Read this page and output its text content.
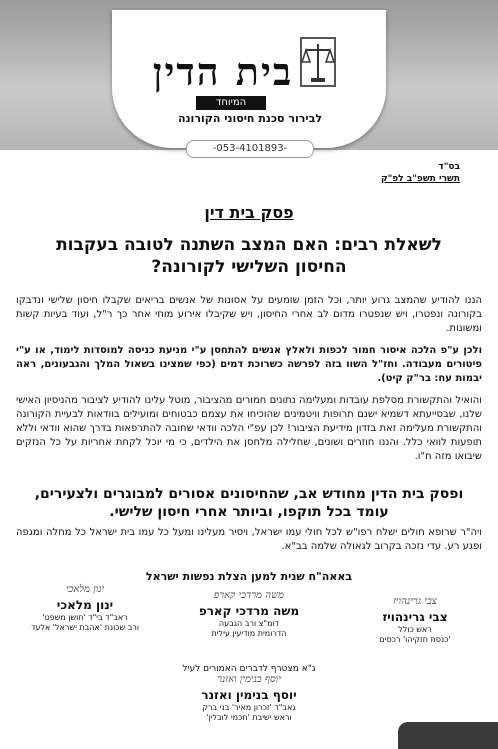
בית הדין
המיוחד
לבירור סכנת חיסוני הקורונה
-053-4101893-
בס"ד
תשרי תשפ"ב לפ"ק
פסק בית דין
לשאלת רבים: האם המצב השתנה לטובה בעקבות החיסון השלישי לקורונה?
הננו להודיע שהמצב גרוע יותר, וכל הזמן שומעים על אסונות של אנשים בריאים שקבלו חיסון שלישי ונדבקו בקורונה ונפטרו, ויש שנפטרו מדום לב אחרי החיסון, ויש שקיבלו אירוע מוחי אחר כך ר"ל, ועוד בעיות קשות ומשונות.
ולכן ע"פ הלכה איסור חמור לכפות ולאלץ אנשים להתחסן ע"י מניעת כניסה למוסדות לימוד, או ע"י פיטורים מעבודה. וחז"ל השוו בזה לפרשה כשרוכת דמים (כפי שמצינו בשאול המלך והגבעונים, ראה יבמות עח: בר"ק קיט).
והואיל והתקשורת מסלפת עובדות ומעלימה נתונים חמורים מהציבור, מוטל עלינו להודיע לציבור מהניסיון האישי שלנו, שבסייעתא דשמיא ישנם תרופות וויטמינים שהוכיחו את עצמם כבטוחים ומועילים בוודאות לבעיית הקורונה והתקשורת מעלימה זאת בזדון מידיעת הציבור! לכן עפ"י הלכה וודאי שחובה להתרפאות בדרך שהוא וודאי וללא תופעות לוואי כלל. והננו חוזרים ושונים, שחלילה מלחסן את הילדים, כי מי יוכל לקחת אחריות על כל הנזקים שיבואו מזה ח"ו.
ופסק בית הדין מחודש אב, שהחיסונים אסורים למבוגרים ולצעירים, עומד בכל תוקפו, וביותר אחרי חיסון שלישי.
ויה"ר שרופא חולים ישלח רפו"ש לכל חולי עמו ישראל, ויסיר מעלינו ומעל כל עמו בית ישראל כל מחלה ומגפה ופגע רע. עדי נזכה בקרוב לגאולה שלמה בב"א.
באאה"ח שנית למען הצלת נפשות ישראל
צבי גרינהויז
צבי גרינהויז
ראש כולל
'כנסת חזקיהו' רכסים
משה מרדכי קארפ
משה מרדכי קארפ
דומ"צ ורב הגבעה
הדרומית מודיעין עילית
ינון מלאכי
ינון מלאכי
ראב"ד בי"ד 'חושן משפט'
ורב שכונת 'אהבת ישראל' אלעד
ג"א מצטרף לדברים האמורים לעיל
יוסף בנימין ואזנר
יוסף בנימין ואזנר
גאב"ד 'זכרון מאיר' בני ברק
וראש ישיבת 'חכמי לובלין'
